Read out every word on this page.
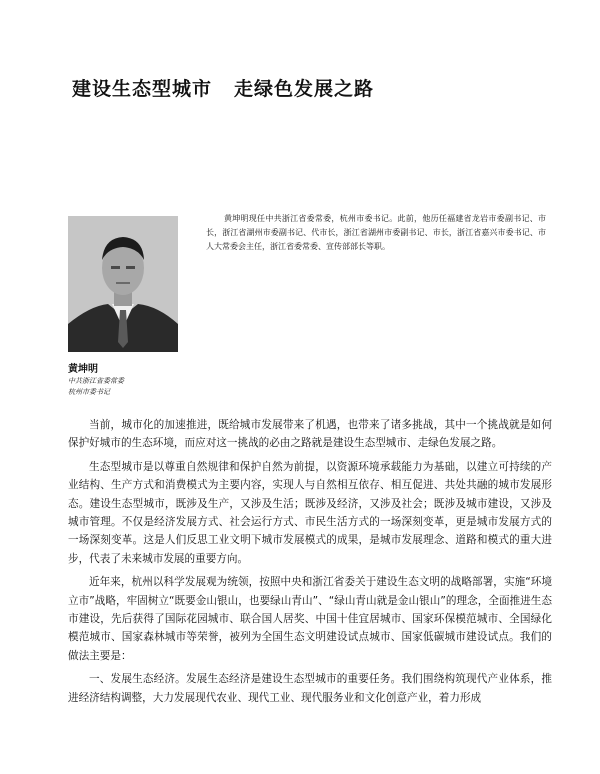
建设生态型城市 走绿色发展之路
黄坤明现任中共浙江省委常委，杭州市委书记。此前，他历任福建省龙岩市委副书记、市长，浙江省湖州市委副书记、代市长，浙江省湖州市委副书记、市长，浙江省嘉兴市委书记、市人大常委会主任，浙江省委常委、宣传部部长等职。
黄坤明
中共浙江省委常委
杭州市委书记

当前，城市化的加速推进，既给城市发展带来了机遇，也带来了诸多挑战，其中一个挑战就是如何保护好城市的生态环境，而应对这一挑战的必由之路就是建设生态型城市、走绿色发展之路。

生态型城市是以尊重自然规律和保护自然为前提，以资源环境承载能力为基础，以建立可持续的产业结构、生产方式和消费模式为主要内容，实现人与自然相互依存、相互促进、共处共融的城市发展形态。建设生态型城市，既涉及生产，又涉及生活；既涉及经济，又涉及社会；既涉及城市建设，又涉及城市管理。不仅是经济发展方式、社会运行方式、市民生活方式的一场深刻变革，更是城市发展方式的一场深刻变革。这是人们反思工业文明下城市发展模式的成果，是城市发展理念、道路和模式的重大进步，代表了未来城市发展的重要方向。

近年来，杭州以科学发展观为统领，按照中央和浙江省委关于建设生态文明的战略部署，实施“环境立市”战略，牢固树立“既要金山银山，也要绿山青山”、“绿山青山就是金山银山”的理念，全面推进生态市建设，先后获得了国际花园城市、联合国人居奖、中国十佳宜居城市、国家环保模范城市、全国绿化模范城市、国家森林城市等荣誉，被列为全国生态文明建设试点城市、国家低碳城市建设试点。我们的做法主要是：

一、发展生态经济。发展生态经济是建设生态型城市的重要任务。我们围绕构筑现代产业体系，推进经济结构调整，大力发展现代农业、现代工业、现代服务业和文化创意产业，着力形成
